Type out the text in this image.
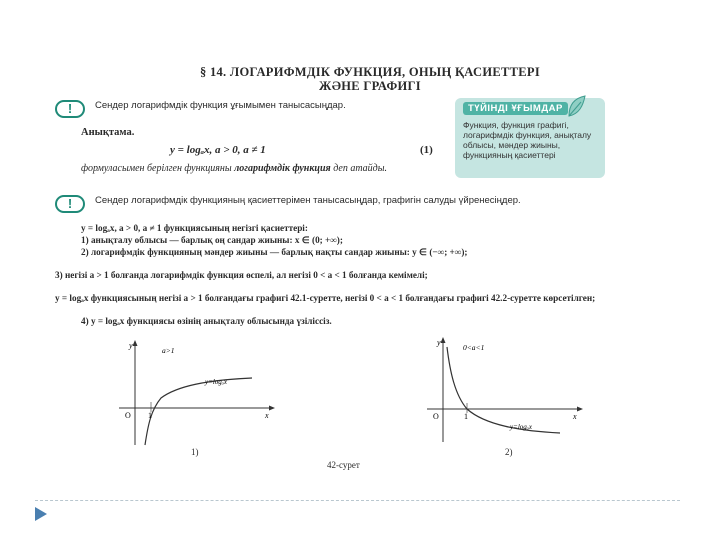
§ 14. ЛОГАРИФМДІК ФУНКЦИЯ, ОНЫҢ ҚАСИЕТТЕРІ
ЖӘНЕ ГРАФИГІ
!	Сендер логарифмдік функция ұғымымен танысасыңдар.
Анықтама.
y = logₐx, a > 0, a ≠ 1	(1)
формуласымен берілген функцияны логарифмдік функция деп атайды.
ТҮЙІНДІ ҰҒЫМДАР
Функция, функция графигі, логарифмдік функция, анықталу облысы, мәндер жиыны, функцияның қасиеттері
!	Сендер логарифмдік функцияның қасиеттерімен танысасыңдар, графигін салуды үйренесіңдер.
y = logₐx, a > 0, a ≠ 1 функциясының негізгі қасиеттері:
1) анықталу облысы — барлық оң сандар жиыны: x ∈ (0; +∞);
2) логарифмдік функцияның мәндер жиыны — барлық нақты сандар жиыны: y ∈ (−∞; +∞);
3) негізі a > 1 болғанда логарифмдік функция өспелі, ал негізі 0 < a < 1 болғанда кемімелі;
y = logₐx функциясының негізі a > 1 болғандағы графигі 42.1-суретте, негізі 0 < a < 1 болғандағы графигі 42.2-суретте көрсетілген;
4) y = logₐx функциясы өзінің анықталу облысында үзіліссіз.
y
x
O 1
a>1
y=logₐx
1)
y
x
O	1
0<a<1
y=logₐx
2)
42-сурет
